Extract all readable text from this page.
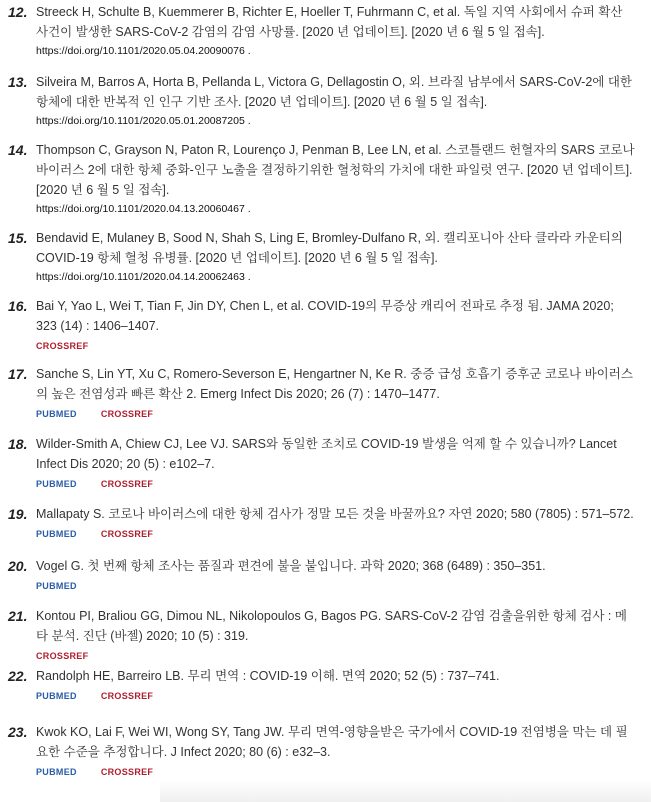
12. Streeck H, Schulte B, Kuemmerer B, Richter E, Hoeller T, Fuhrmann C, et al. 독일 지역 사회에서 슈퍼 확산 사건이 발생한 SARS-CoV-2 감염의 감염 사망률. [2020 년 업데이트]. [2020 년 6 월 5 일 접속].

https://doi.org/10.1101/2020.05.04.20090076 .

13. Silveira M, Barros A, Horta B, Pellanda L, Victora G, Dellagostin O, 외. 브라질 남부에서 SARS-CoV-2에 대한 항체에 대한 반복적 인 인구 기반 조사. [2020 년 업데이트]. [2020 년 6 월 5 일 접속].

https://doi.org/10.1101/2020.05.01.20087205 .

14. Thompson C, Grayson N, Paton R, Lourenço J, Penman B, Lee LN, et al. 스코틀랜드 헌혈자의 SARS 코로나 바이러스 2에 대한 항체 중화-인구 노출을 결정하기위한 혈청학의 가치에 대한 파일럿 연구. [2020 년 업데이트]. [2020 년 6 월 5 일 접속].

https://doi.org/10.1101/2020.04.13.20060467 .

15. Bendavid E, Mulaney B, Sood N, Shah S, Ling E, Bromley-Dulfano R, 외. 캘리포니아 산타 클라라 카운티의 COVID-19 항체 혈청 유병률. [2020 년 업데이트]. [2020 년 6 월 5 일 접속].

https://doi.org/10.1101/2020.04.14.20062463 .

16. Bai Y, Yao L, Wei T, Tian F, Jin DY, Chen L, et al. COVID-19의 무증상 캐리어 전파로 추정 됨. JAMA 2020; 323 (14) : 1406–1407.

CROSSREF
17. Sanche S, Lin YT, Xu C, Romero-Severson E, Hengartner N, Ke R. 중증 급성 호흡기 증후군 코로나 바이러스의 높은 전염성과 빠른 확산 2. Emerg Infect Dis 2020; 26 (7) : 1470–1477.

PUBMED	CROSSREF
18. Wilder-Smith A, Chiew CJ, Lee VJ. SARS와 동일한 조치로 COVID-19 발생을 억제 할 수 있습니까? Lancet Infect Dis 2020; 20 (5) : e102–7.

PUBMED	CROSSREF
19. Mallapaty S. 코로나 바이러스에 대한 항체 검사가 정말 모든 것을 바꿀까요? 자연 2020; 580 (7805) : 571–572.

PUBMED	CROSSREF
20. Vogel G. 첫 번째 항체 조사는 품질과 편견에 불을 붙입니다. 과학 2020; 368 (6489) : 350–351.

PUBMED
21. Kontou PI, Braliou GG, Dimou NL, Nikolopoulos G, Bagos PG. SARS-CoV-2 감염 검출을위한 항체 검사 : 메타 분석. 진단 (바젤) 2020; 10 (5) : 319.

CROSSREF
22. Randolph HE, Barreiro LB. 무리 면역 : COVID-19 이해. 면역 2020; 52 (5) : 737–741.

PUBMED	CROSSREF
23. Kwok KO, Lai F, Wei WI, Wong SY, Tang JW. 무리 면역-영향을받은 국가에서 COVID-19 전염병을 막는 데 필요한 수준을 추정합니다. J Infect 2020; 80 (6) : e32–3.

PUBMED	CROSSREF
